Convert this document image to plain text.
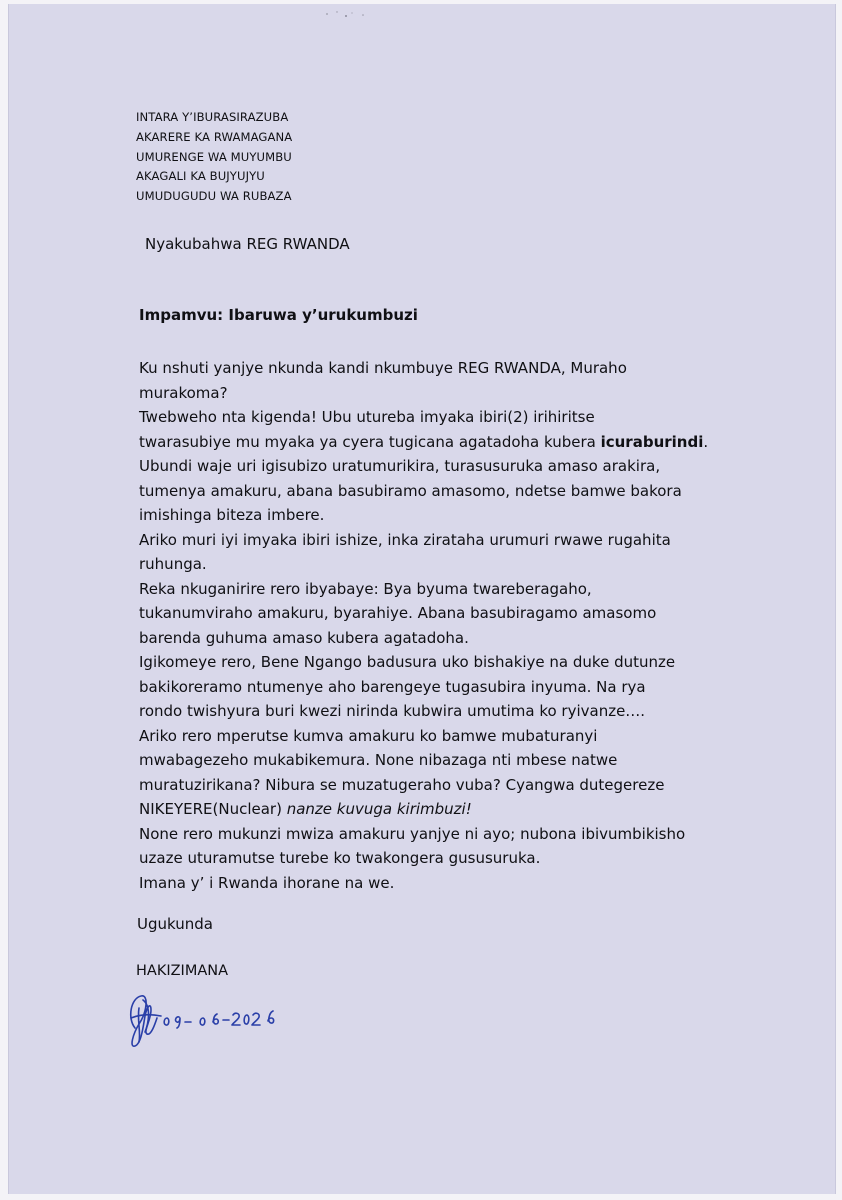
INTARA Y’IBURASIRAZUBA
AKARERE KA RWAMAGANA
UMURENGE WA MUYUMBU
AKAGALI KA BUJYUJYU
UMUDUGUDU WA RUBAZA
Nyakubahwa REG RWANDA
Impamvu: Ibaruwa y’urukumbuzi
Ku nshuti yanjye nkunda kandi nkumbuye REG RWANDA, Muraho
murakoma?
Twebweho nta kigenda! Ubu utureba imyaka ibiri(2) irihiritse
twarasubiye mu myaka ya cyera tugicana agatadoha kubera icuraburindi.
Ubundi waje uri igisubizo uratumurikira, turasusuruka amaso arakira,
tumenya amakuru, abana basubiramo amasomo, ndetse bamwe bakora
imishinga biteza imbere.
Ariko muri iyi imyaka ibiri ishize, inka ziratahа urumuri rwawe rugahita
ruhunga.
Reka nkuganirire rero ibyabaye: Bya byuma twareberagaho,
tukanumviraho amakuru, byarahiye. Abana basubiragamo amasomo
barenda guhuma amaso kubera agatadoha.
Igikomeye rero, Bene Ngango badusura uko bishakiye na duke dutunze
bakikoreramo ntumenye aho barengeye tugasubira inyuma. Na rya
rondo twishyura buri kwezi nirinda kubwira umutima ko ryivanze….
Ariko rero mperutse kumva amakuru ko bamwe mubaturanyi
mwabagezeho mukabikemura. None nibazaga nti mbese natwe
muratuzirikana? Nibura se muzatugeraho vuba? Cyangwa dutegereze
NIKEYERE(Nuclear) nanze kuvuga kirimbuzi!
None rero mukunzi mwiza amakuru yanjye ni ayo; nubona ibivumbikisho
uzaze uturamutse turebe ko twakongera gususuruka.
Imana y’ i Rwanda ihorane na we.
Ugukunda
HAKIZIMANA
